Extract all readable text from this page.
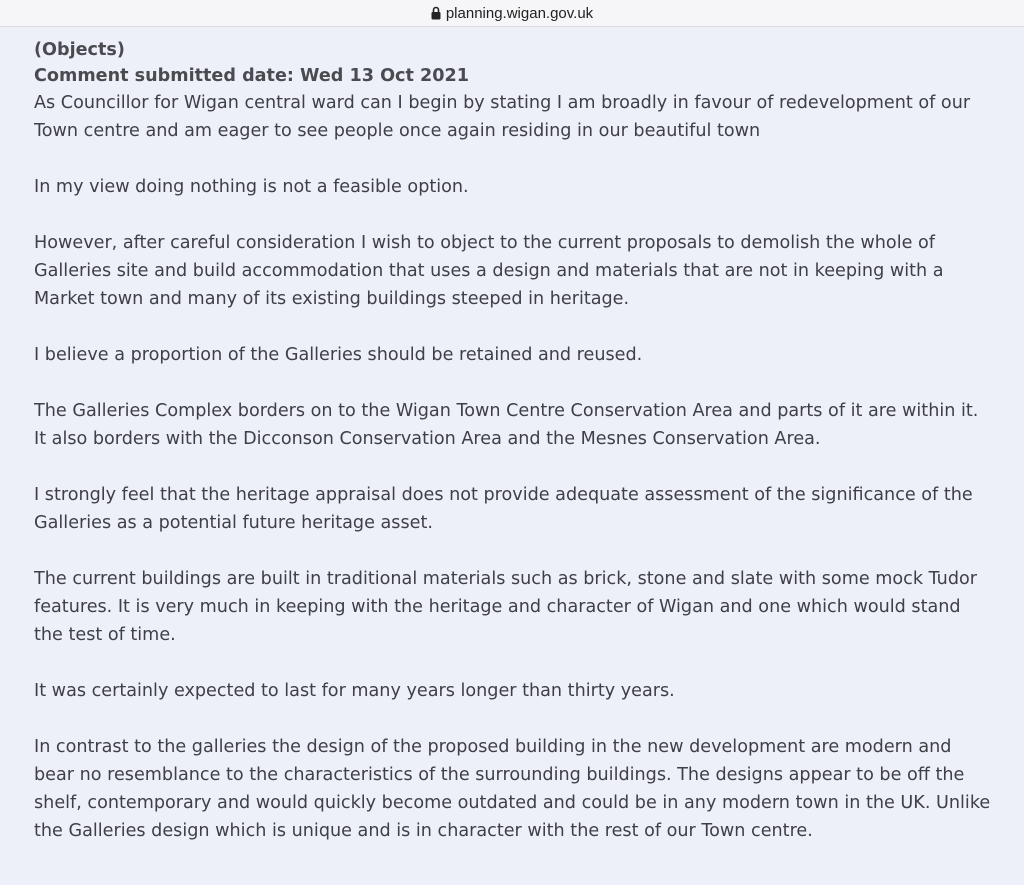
planning.wigan.gov.uk

(Objects)

Comment submitted date: Wed 13 Oct 2021

As Councillor for Wigan central ward can I begin by stating I am broadly in favour of redevelopment of our Town centre and am eager to see people once again residing in our beautiful town

In my view doing nothing is not a feasible option.

However, after careful consideration I wish to object to the current proposals to demolish the whole of Galleries site and build accommodation that uses a design and materials that are not in keeping with a Market town and many of its existing buildings steeped in heritage.

I believe a proportion of the Galleries should be retained and reused.

The Galleries Complex borders on to the Wigan Town Centre Conservation Area and parts of it are within it. It also borders with the Dicconson Conservation Area and the Mesnes Conservation Area.

I strongly feel that the heritage appraisal does not provide adequate assessment of the significance of the Galleries as a potential future heritage asset.

The current buildings are built in traditional materials such as brick, stone and slate with some mock Tudor features. It is very much in keeping with the heritage and character of Wigan and one which would stand the test of time.

It was certainly expected to last for many years longer than thirty years.

In contrast to the galleries the design of the proposed building in the new development are modern and bear no resemblance to the characteristics of the surrounding buildings. The designs appear to be off the shelf, contemporary and would quickly become outdated and could be in any modern town in the UK. Unlike the Galleries design which is unique and is in character with the rest of our Town centre.
